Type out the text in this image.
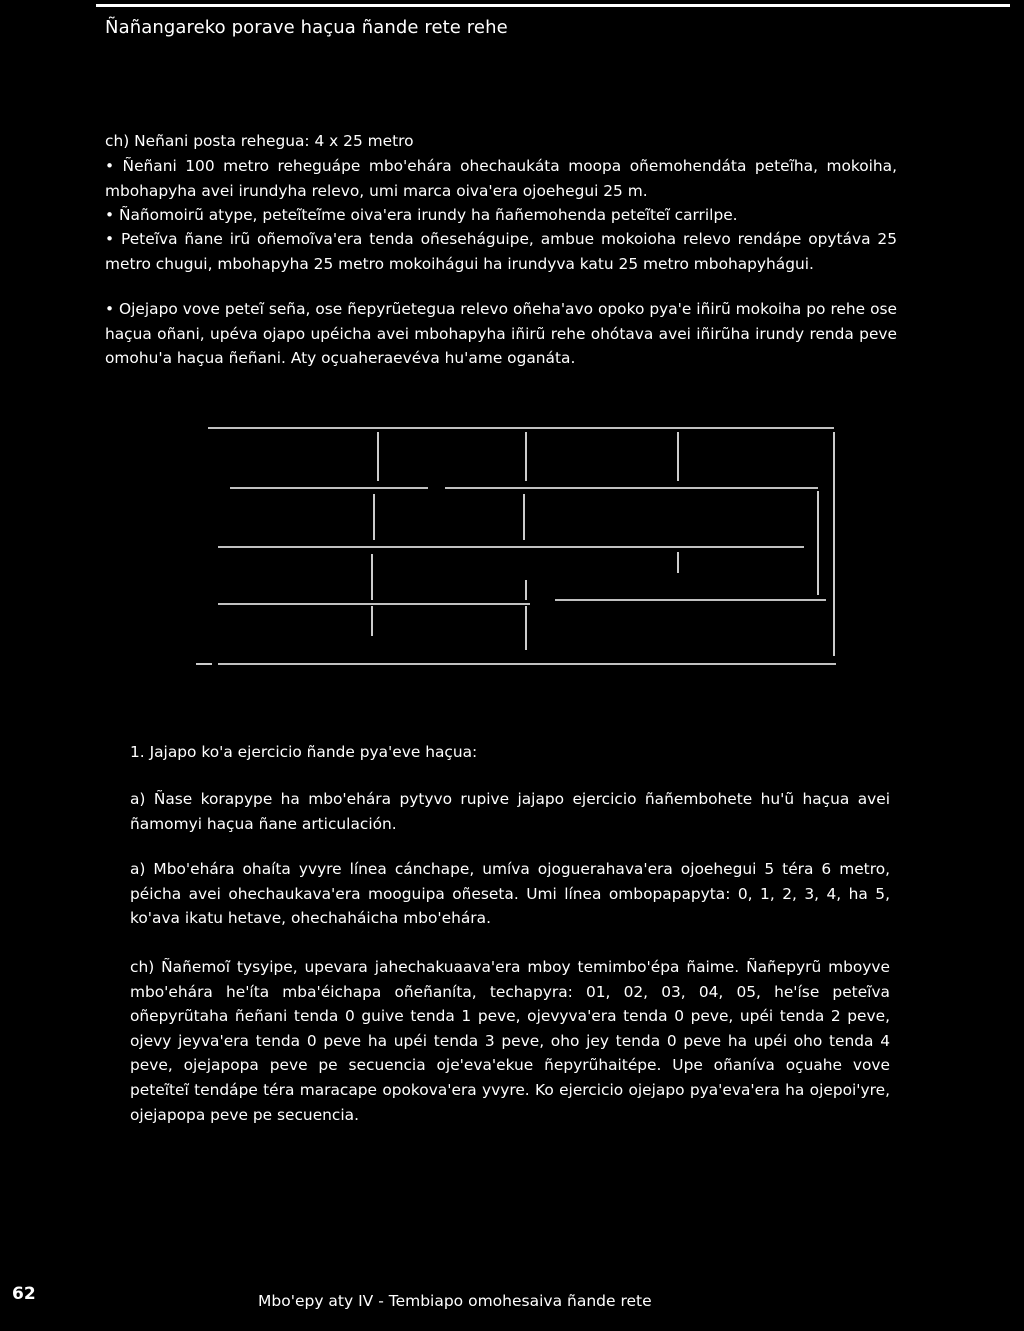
Ñañangareko porave haçua ñande rete rehe

ch) Neñani posta rehegua: 4 x 25 metro

• Ñeñani 100 metro reheguápe mbo'ehára ohechaukáta moopa oñemohendáta peteĩha, mokoiha, mbohapyha avei irundyha relevo, umi marca oiva'era ojoehegui 25 m.

• Ñañomoirũ atype, peteĩteĩme oiva'era irundy ha ñañemohenda peteĩteĩ carrilpe.

• Peteĩva ñane irũ oñemoĩva'era tenda oñeseháguipe, ambue mokoioha relevo rendápe opytáva 25 metro chugui, mbohapyha 25 metro mokoihágui ha irundyva katu 25 metro mbohapyhágui.

• Ojejapo vove peteĩ seña, ose ñepyrũetegua relevo oñeha'avo opoko pya'e iñirũ mokoiha po rehe ose haçua oñani, upéva ojapo upéicha avei mbohapyha iñirũ rehe ohótava avei iñirũha irundy renda peve omohu'a haçua ñeñani. Aty oçuaheraevéva hu'ame oganáta.

1. Jajapo ko'a ejercicio ñande pya'eve haçua:

a) Ñase korapype ha mbo'ehára pytyvo rupive jajapo ejercicio ñañembohete hu'ũ haçua avei ñamomyi haçua ñane articulación.

a) Mbo'ehára ohaíta yvyre línea cánchape, umíva ojoguerahava'era ojoehegui 5 téra 6 metro, péicha avei ohechaukava'era mooguipa oñeseta. Umi línea ombopapapyta: 0, 1, 2, 3, 4, ha 5, ko'ava ikatu hetave, ohechaháicha mbo'ehára.

ch) Ñañemoĩ tysyipe, upevara jahechakuaava'era mboy temimbo'épa ñaime. Ñañepyrũ mboyve mbo'ehára he'íta mba'éichapa oñeñaníta, techapyra: 01, 02, 03, 04, 05, he'íse peteĩva oñepyrũtaha ñeñani tenda 0 guive tenda 1 peve, ojevyva'era tenda 0 peve, upéi tenda 2 peve, ojevy jeyva'era tenda 0 peve ha upéi tenda 3 peve, oho jey tenda 0 peve ha upéi oho tenda 4 peve, ojejapopa peve pe secuencia oje'eva'ekue ñepyrũhaitépe. Upe oñaníva oçuahe vove peteĩteĩ tendápe téra maracape opokova'era yvyre. Ko ejercicio ojejapo pya'eva'era ha ojepoi'yre, ojejapopa peve pe secuencia.

62	Mbo'epy aty IV - Tembiapo omohesaiva ñande rete
